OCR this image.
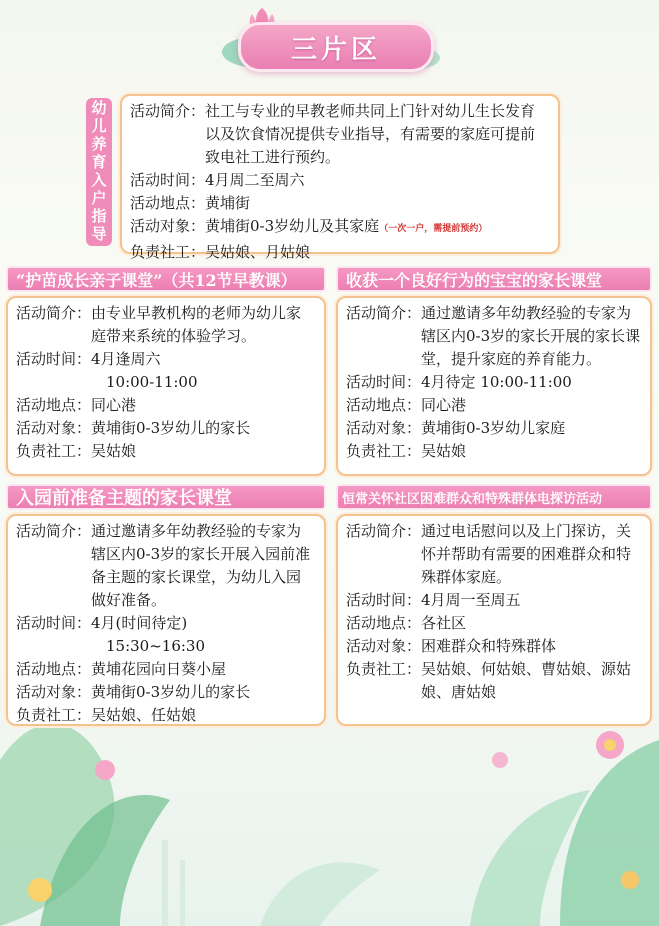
三片区
幼儿养育入户指导	活动简介： 社工与专业的早教老师共同上门针对幼儿生长发育以及饮食情况提供专业指导，有需要的家庭可提前致电社工进行预约。
活动时间： 4月周二至周六
活动地点： 黄埔街
活动对象： 黄埔街0-3岁幼儿及其家庭（一次一户，需提前预约）
负责社工： 吴姑娘、月姑娘
“护苗成长亲子课堂”（共12节早教课）
活动简介： 由专业早教机构的老师为幼儿家庭带来系统的体验学习。
活动时间： 4月逢周六
10:00-11:00
活动地点： 同心港
活动对象： 黄埔街0-3岁幼儿的家长
负责社工： 吴姑娘
收获一个良好行为的宝宝的家长课堂
活动简介： 通过邀请多年幼教经验的专家为辖区内0-3岁的家长开展的家长课堂，提升家庭的养育能力。
活动时间： 4月待定 10:00-11:00
活动地点： 同心港
活动对象： 黄埔街0-3岁幼儿家庭
负责社工： 吴姑娘
入园前准备主题的家长课堂
活动简介： 通过邀请多年幼教经验的专家为辖区内0-3岁的家长开展入园前准备主题的家长课堂，为幼儿入园做好准备。
活动时间： 4月(时间待定)
15:30~16:30
活动地点： 黄埔花园向日葵小屋
活动对象： 黄埔街0-3岁幼儿的家长
负责社工： 吴姑娘、任姑娘
恒常关怀社区困难群众和特殊群体电探访活动
活动简介： 通过电话慰问以及上门探访，关怀并帮助有需要的困难群众和特殊群体家庭。
活动时间： 4月周一至周五
活动地点： 各社区
活动对象： 困难群众和特殊群体
负责社工： 吴姑娘、何姑娘、曹姑娘、源姑娘、唐姑娘
